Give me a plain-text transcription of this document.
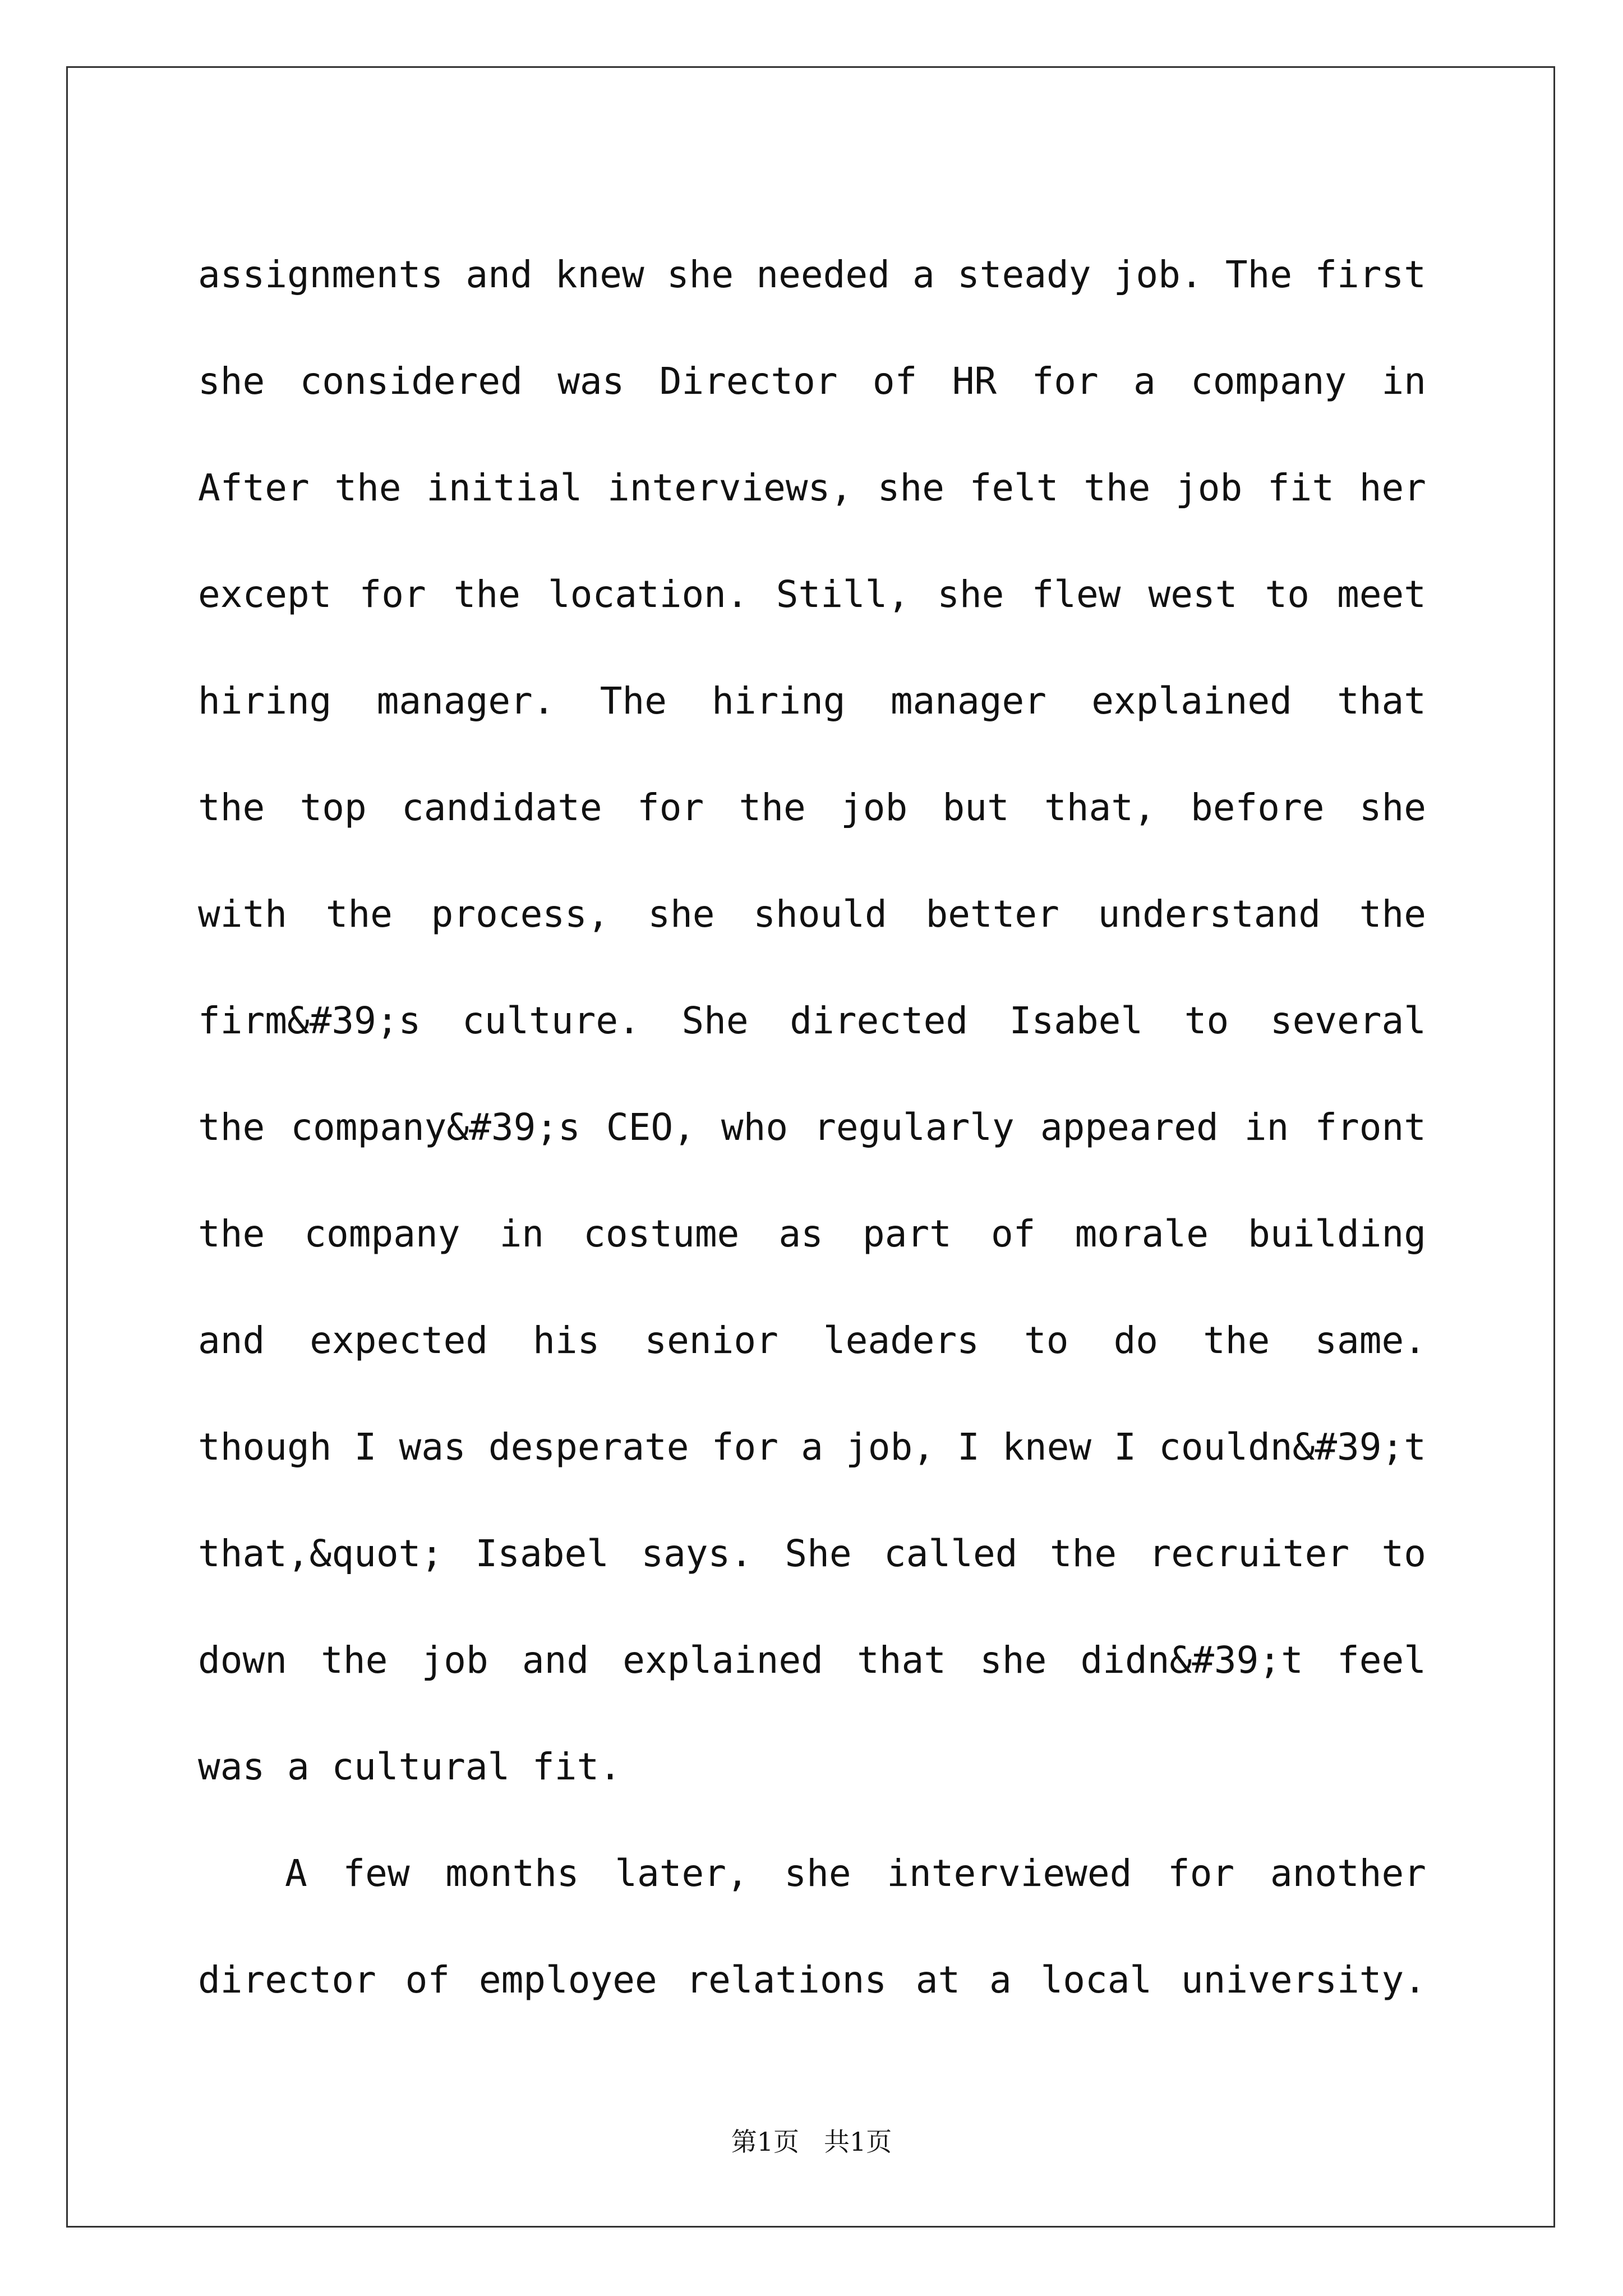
assignments and knew she needed a steady job. The first
she considered was Director of HR for a company in
After the initial interviews, she felt the job fit her
except for the location. Still, she flew west to meet
hiring manager. The hiring manager explained that
the top candidate for the job but that, before she
with the process, she should better understand the
firm&#39;s culture. She directed Isabel to several
the company&#39;s CEO, who regularly appeared in front
the company in costume as part of morale building
and expected his senior leaders to do the same.
though I was desperate for a job, I knew I couldn&#39;t
that,&quot; Isabel says. She called the recruiter to
down the job and explained that she didn&#39;t feel
was a cultural fit.
A few months later, she interviewed for another
director of employee relations at a local university.
第1页 共1页
